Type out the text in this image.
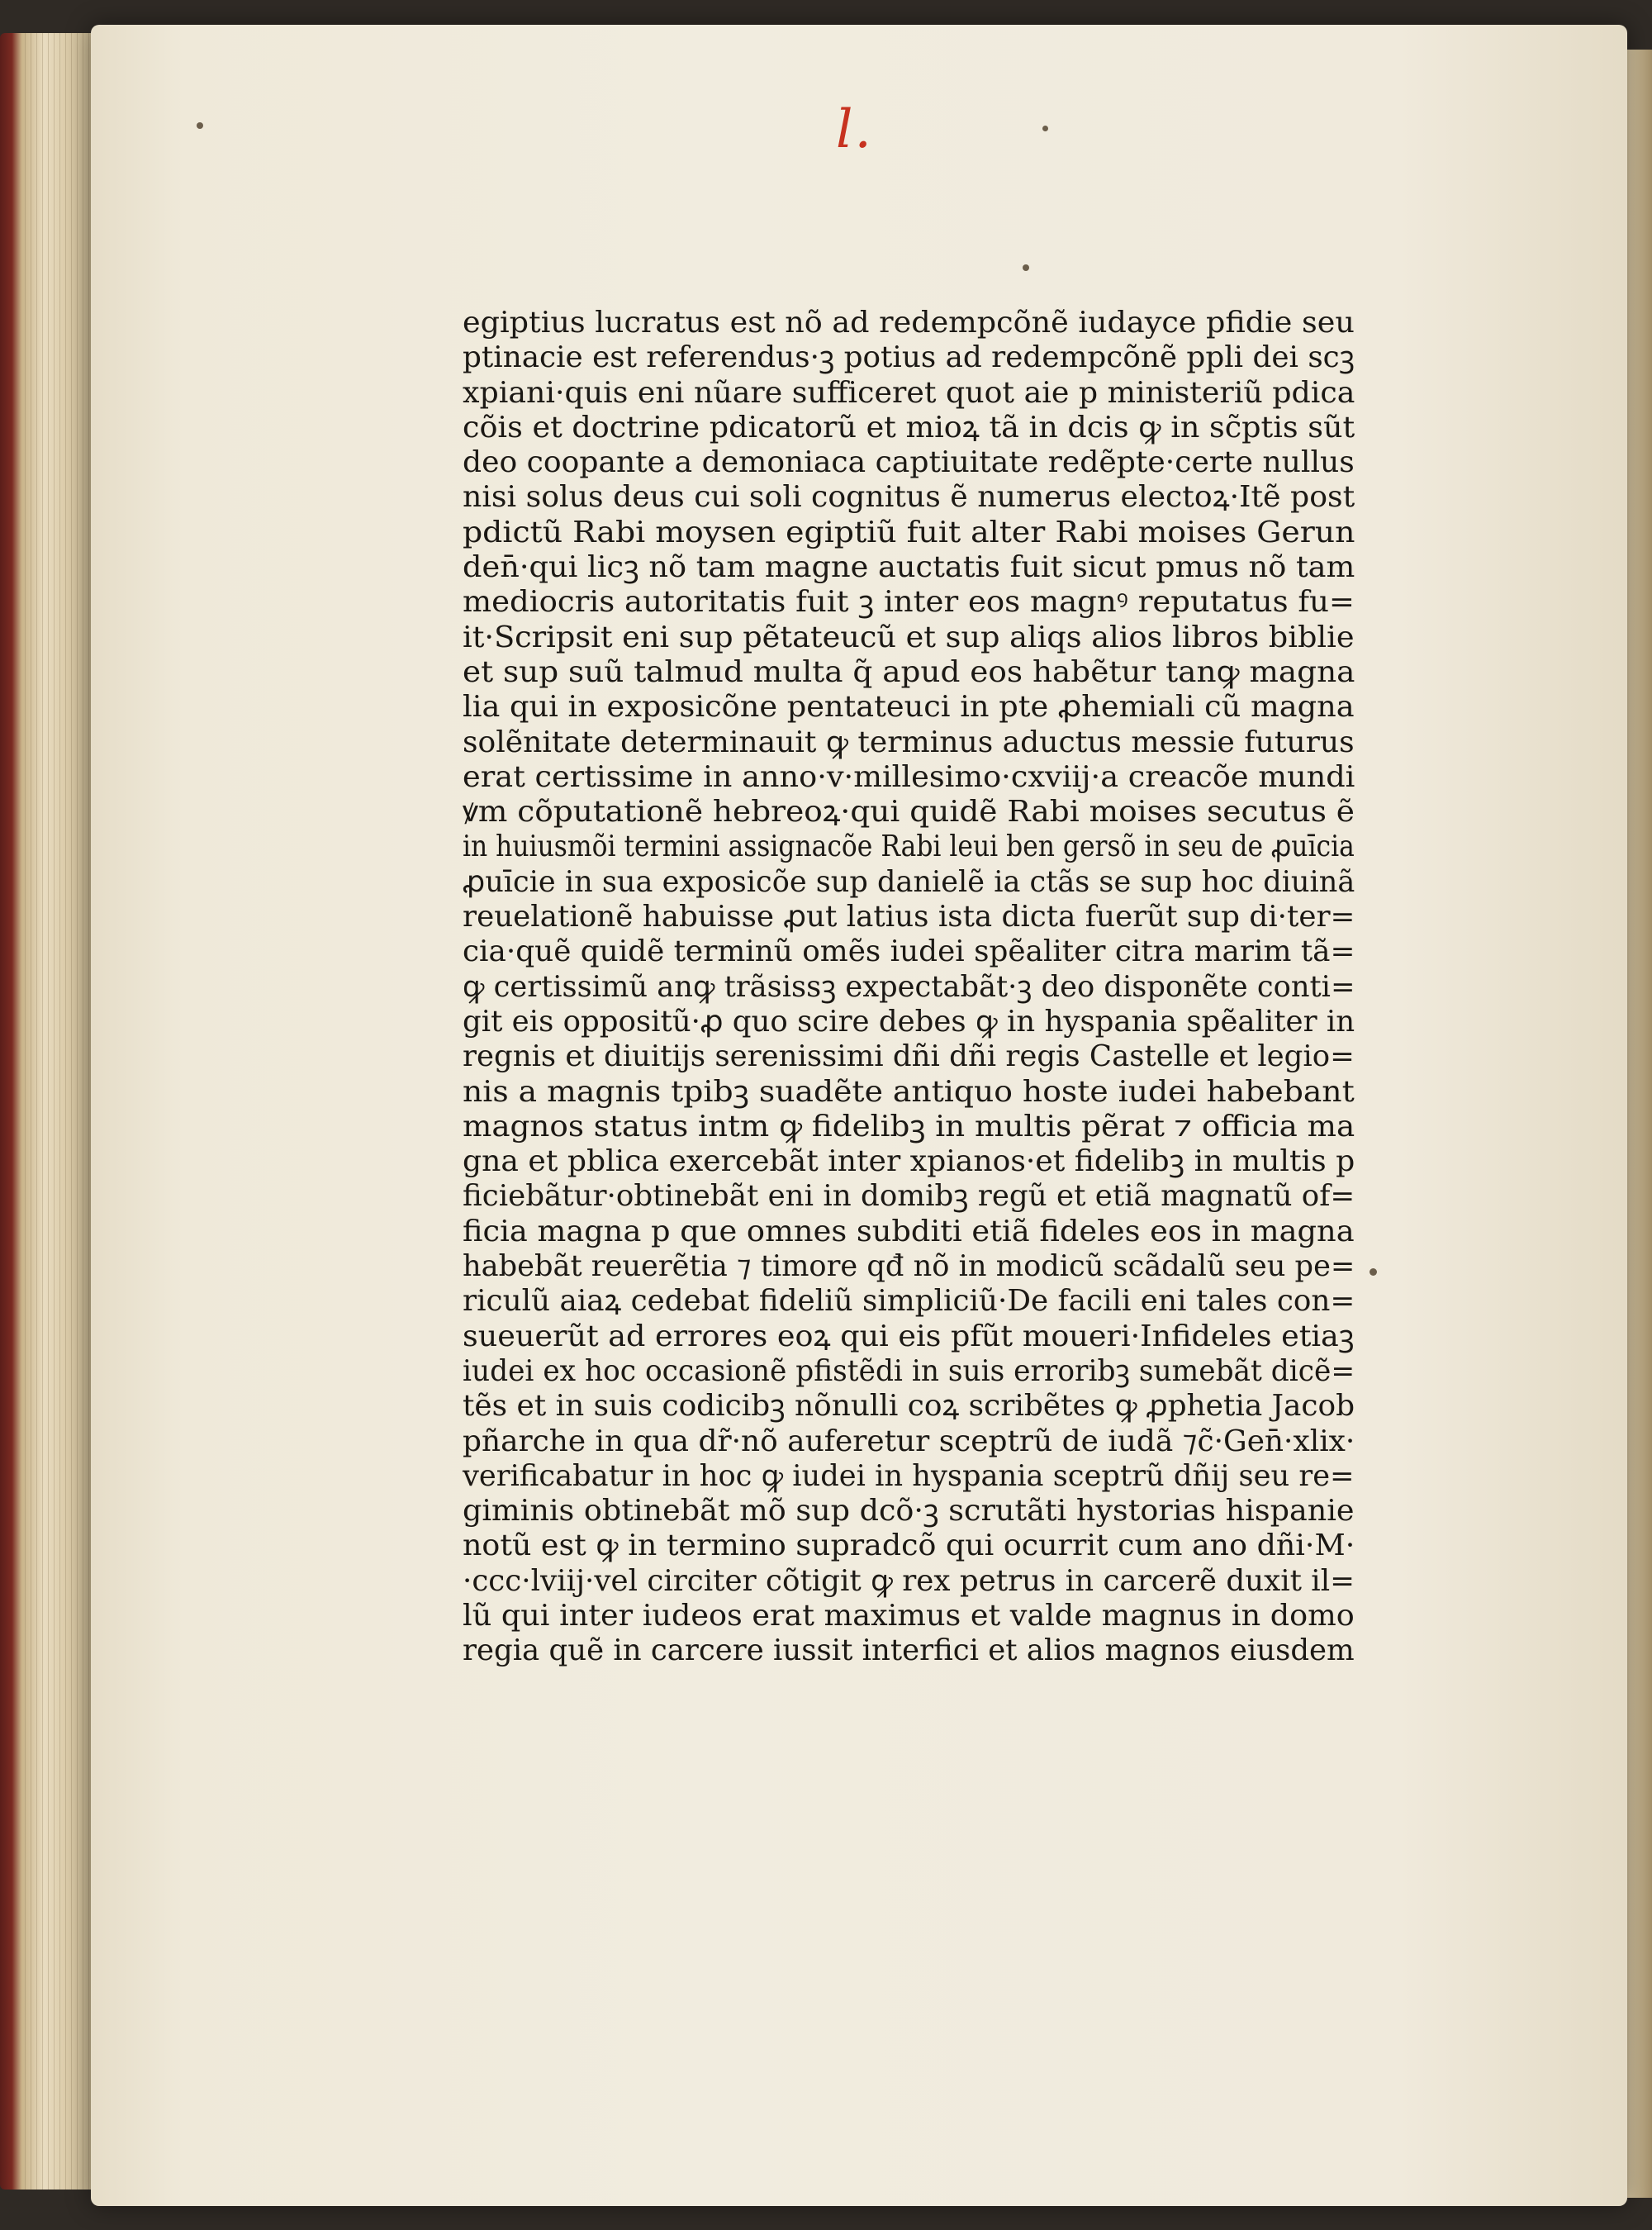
l.
egiptius lucratus est nõ ad redempcõnẽ iudayce pfidie seu
ptinacie est referendus·ꝫ potius ad redempcõnẽ ppli dei scꝫ
xpiani·quis eni nũare sufficeret quot aie p ministeriũ pdica
cõis et doctrine pdicatorũ et mioꝝ tã in dcis ꝙ in sc̃ptis sũt
deo coopante a demoniaca captiuitate redẽpte·certe nullus
nisi solus deus cui soli cognitus ẽ numerus electoꝝ·Itẽ post
pdictũ Rabi moysen egiptiũ fuit alter Rabi moises Gerun
den̄·qui licꝫ nõ tam magne auctatis fuit sicut pmus nõ tam
mediocris autoritatis fuit ꝫ inter eos magnꝰ reputatus fu=
it·Scripsit eni sup pẽtateucũ et sup aliqs alios libros biblie
et sup suũ talmud multa q̃ apud eos habẽtur tanꝙ magna
lia qui in exposicõne pentateuci in pte ꝓhemiali cũ magna
solẽnitate determinauit ꝙ terminus aductus messie futurus
erat certissime in anno·v·millesimo·cxviij·a creacõe mundi
ꝟm cõputationẽ hebreoꝝ·qui quidẽ Rabi moises secutus ẽ
in huiusmõi termini assignacõe Rabi leui ben gersõ in seu de ꝓuīcia
ꝓuīcie in sua exposicõe sup danielẽ ia ctãs se sup hoc diuinã
reuelationẽ habuisse ꝓut latius ista dicta fuerũt sup di·ter=
cia·quẽ quidẽ terminũ omẽs iudei spẽaliter citra marim tã=
ꝙ certissimũ anꝙ trãsissꝫ expectabãt·ꝫ deo disponẽte conti=
git eis oppositũ·ꝓ quo scire debes ꝙ in hyspania spẽaliter in
regnis et diuitijs serenissimi dñi dñi regis Castelle et legio=
nis a magnis tpibꝫ suadẽte antiquo hoste iudei habebant
magnos status intm ꝙ fidelibꝫ in multis pẽrat ⁊ officia ma
gna et pblica exercebãt inter xpianos·et fidelibꝫ in multis p
ficiebãtur·obtinebãt eni in domibꝫ regũ et etiã magnatũ of=
ficia magna p que omnes subditi etiã fideles eos in magna
habebãt reuerẽtia ⁊ timore qđ nõ in modicũ scãdalũ seu pe=
riculũ aiaꝝ cedebat fideliũ simpliciũ·De facili eni tales con=
sueuerũt ad errores eoꝝ qui eis pfũt moueri·Infideles etiaꝫ
iudei ex hoc occasionẽ pfistẽdi in suis erroribꝫ sumebãt dicẽ=
tẽs et in suis codicibꝫ nõnulli coꝝ scribẽtes ꝙ ꝓphetia Jacob
pñarche in qua dr̃·nõ auferetur sceptrũ de iudã ⁊c̃·Gen̄·xlix·
verificabatur in hoc ꝙ iudei in hyspania sceptrũ dñij seu re=
giminis obtinebãt mõ sup dcõ·ꝫ scrutãti hystorias hispanie
notũ est ꝙ in termino supradcõ qui ocurrit cum ano dñi·M·
·ccc·lviij·vel circiter cõtigit ꝙ rex petrus in carcerẽ duxit il=
lũ qui inter iudeos erat maximus et valde magnus in domo
regia quẽ in carcere iussit interfici et alios magnos eiusdem
